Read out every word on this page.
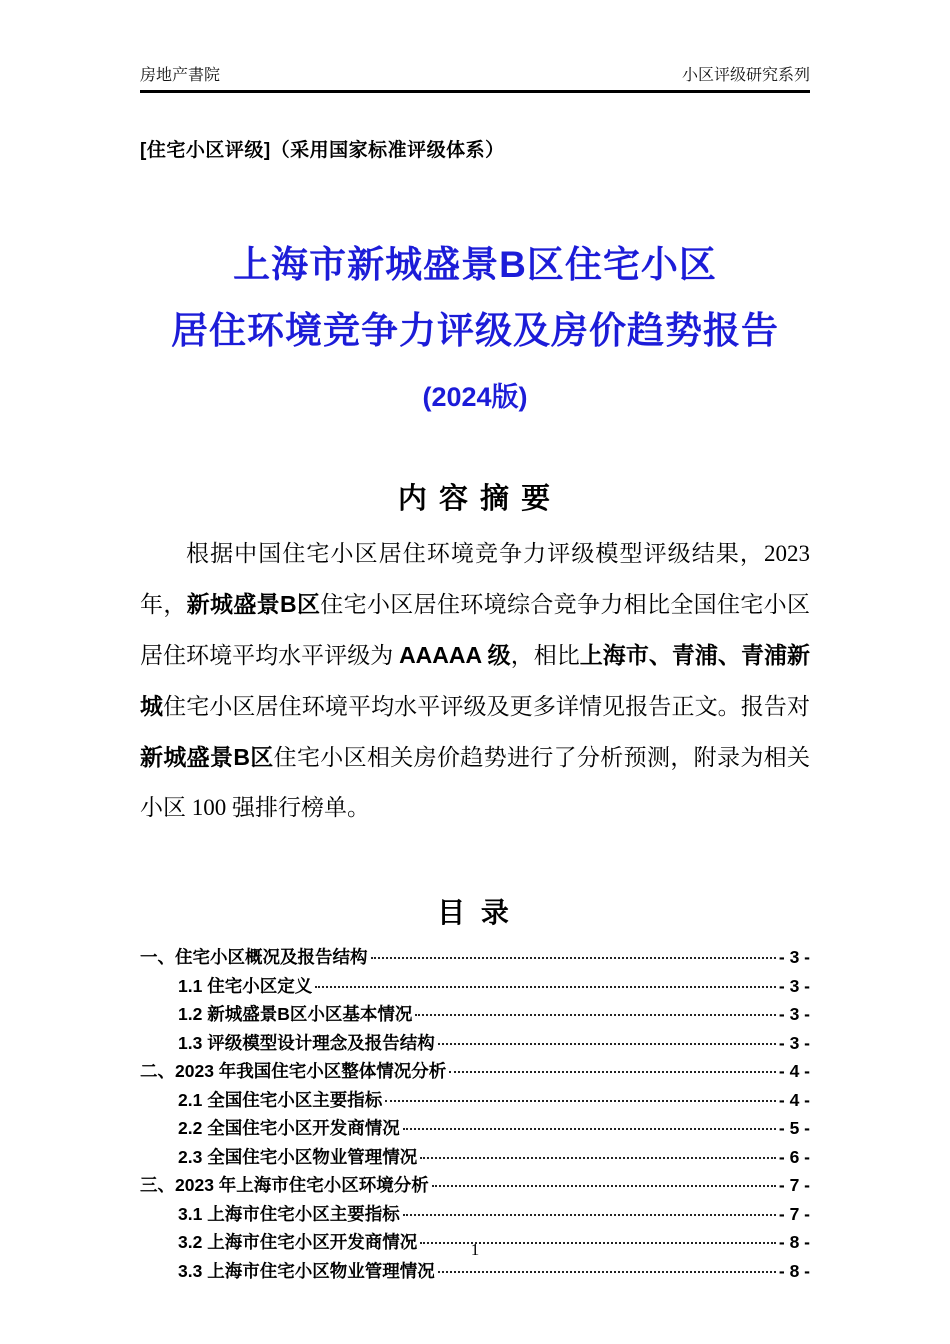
房地产書院	小区评级研究系列
[住宅小区评级]（采用国家标准评级体系）
上海市新城盛景B区住宅小区
居住环境竞争力评级及房价趋势报告
(2024版)
内 容 摘 要

根据中国住宅小区居住环境竞争力评级模型评级结果，2023 年，新城盛景B区住宅小区居住环境综合竞争力相比全国住宅小区居住环境平均水平评级为 AAAAA 级，相比上海市、青浦、青浦新城住宅小区居住环境平均水平评级及更多详情见报告正文。报告对新城盛景B区住宅小区相关房价趋势进行了分析预测，附录为相关小区 100 强排行榜单。

目 录
一、住宅小区概况及报告结构	- 3 -
1.1 住宅小区定义	- 3 -
1.2 新城盛景B区小区基本情况	- 3 -
1.3 评级模型设计理念及报告结构	- 3 -
二、2023 年我国住宅小区整体情况分析	- 4 -
2.1 全国住宅小区主要指标	- 4 -
2.2 全国住宅小区开发商情况	- 5 -
2.3 全国住宅小区物业管理情况	- 6 -
三、2023 年上海市住宅小区环境分析	- 7 -
3.1 上海市住宅小区主要指标	- 7 -
3.2 上海市住宅小区开发商情况	- 8 -
3.3 上海市住宅小区物业管理情况	- 8 -
1
